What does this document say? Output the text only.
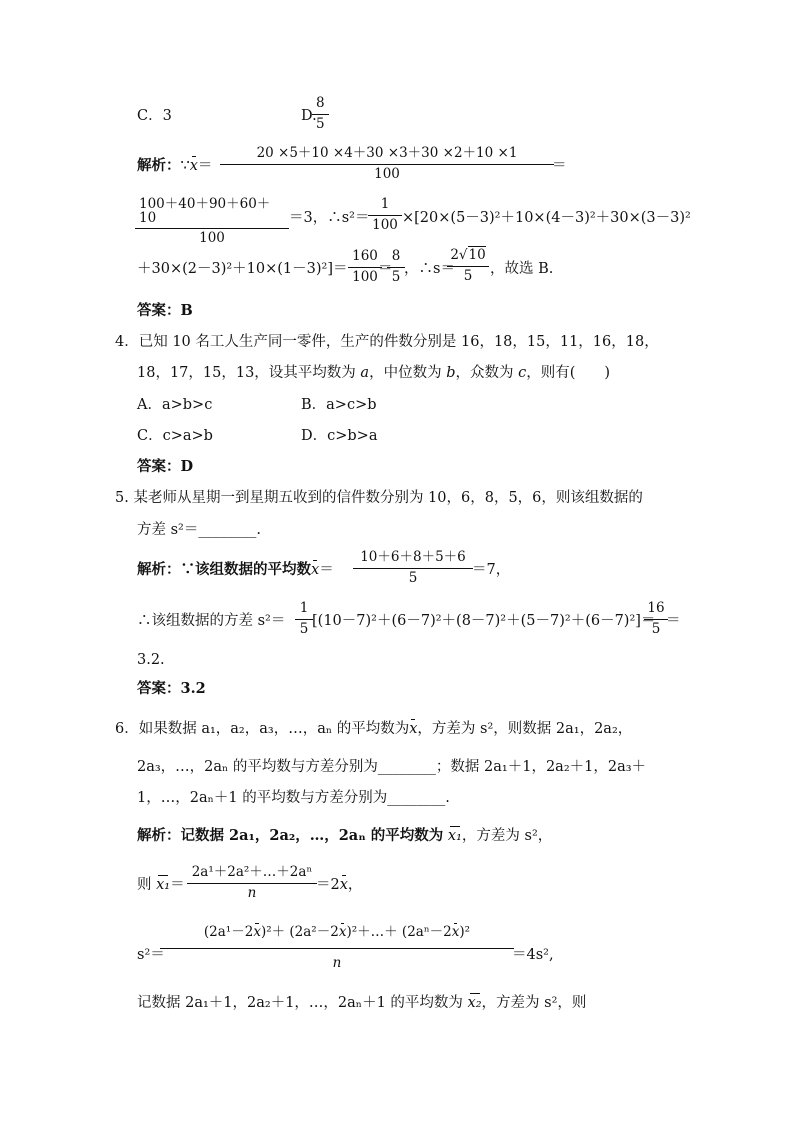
C．3	D.
$\frac{8}{5}$
解析：∵x＝ $\frac{20 \times 5+10 \times 4+30 \times 3+30 \times 2+10 \times 1}{100}$ ＝
$\frac{100+40+90+60+10}{100} =3$，∴s²＝ $\frac{1}{100} \times[20\times(5-3)^2+10\times(4-3)^2+30\times(3-3)^2$
$+30\times(2-3)^2+10\times(1-3)^2]= \frac{160}{100}$
＝
$\frac{8}{5}$ ，∴s＝
$\frac{2√10}{5}$ ，故选 B.
答案：B
4．已知 10 名工人生产同一零件，生产的件数分别是 16，18，15，11，16，18，
18，17，15，13，设其平均数为 a，中位数为 b，众数为 c，则有(　　)
A．a>b>c	B．a>c>b
C．c>a>b	D．c>b>a
答案：D
5. 某老师从星期一到星期五收到的信件数分别为 10，6，8，5，6，则该组数据的
方差 s²＝________.
解析：∵该组数据的平均数$x= \frac{10+6+8+5+6}{5} =7$，
∴该组数据的方差 $s^2= \frac{1}{5} [(10-7)^2+(6-7)^2+(8-7)^2+(5-7)^2+(6-7)^2]=$
$\frac{16}{5}$ ＝
3.2.
答案：3.2
6．如果数据 a₁，a₂，a₃，…，aₙ 的平均数为x，方差为 s²，则数据 2a₁，2a₂，
2a₃，…，2aₙ 的平均数与方差分别为________；数据 2a₁＋1，2a₂＋1，2a₃＋
1，…，2aₙ＋1 的平均数与方差分别为________.
解析：记数据 2a₁，2a₂，…，2aₙ 的平均数为 x₁，方差为 s²，
则 $x_1= \frac{\text{2a¹＋2a²＋…＋2aⁿ}}{n} =2x$，
s²＝
$\frac{\text{(2a¹－2x)²＋ (2a²－2x)²＋…＋ (2aⁿ－2x)²}}{n} =4s^2$,
记数据 2a₁＋1，2a₂＋1，…，2aₙ＋1 的平均数为 x₂，方差为 s²，则
